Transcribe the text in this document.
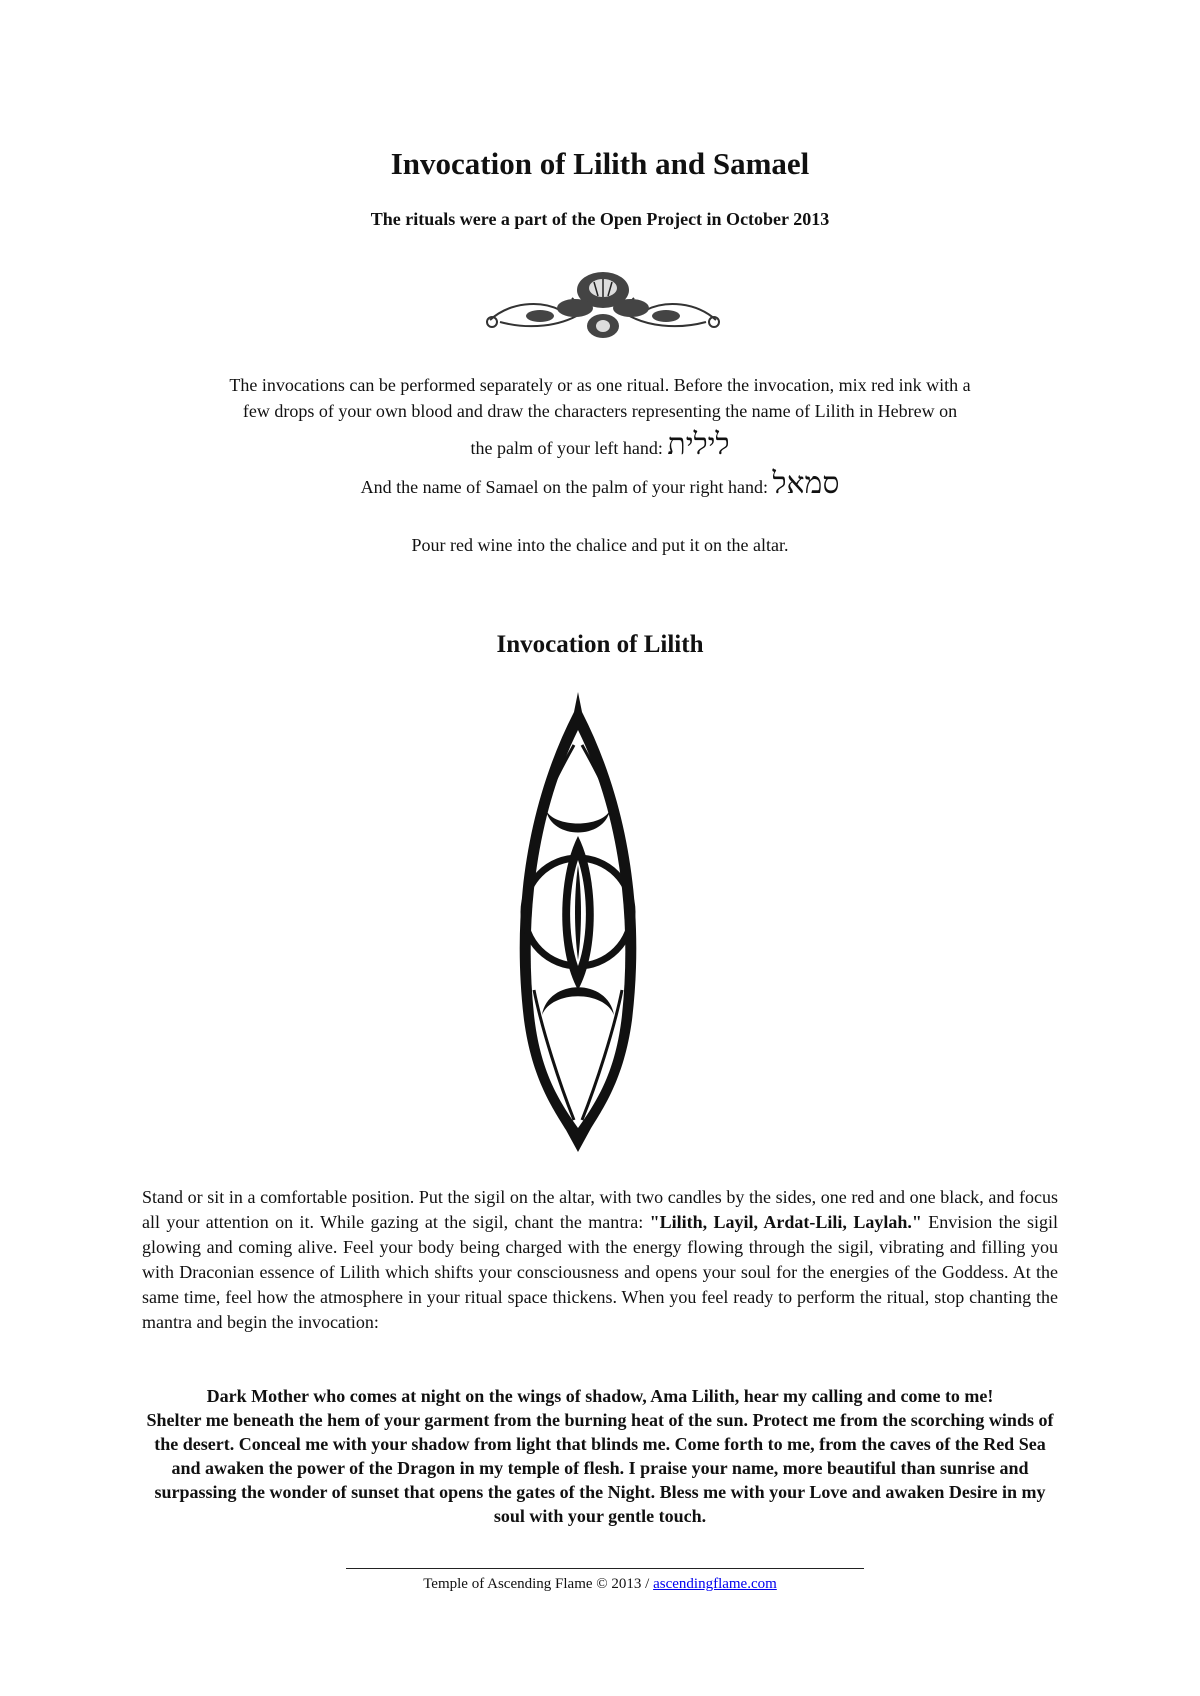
Invocation of Lilith and Samael
The rituals were a part of the Open Project in October 2013
The invocations can be performed separately or as one ritual. Before the invocation, mix red ink with a
few drops of your own blood and draw the characters representing the name of Lilith in Hebrew on
the palm of your left hand: לילית
And the name of Samael on the palm of your right hand: סמאל
Pour red wine into the chalice and put it on the altar.
Invocation of Lilith
Stand or sit in a comfortable position. Put the sigil on the altar, with two candles by the sides, one red and one black, and focus all your attention on it. While gazing at the sigil, chant the mantra: "Lilith, Layil, Ardat-Lili, Laylah." Envision the sigil glowing and coming alive. Feel your body being charged with the energy flowing through the sigil, vibrating and filling you with Draconian essence of Lilith which shifts your consciousness and opens your soul for the energies of the Goddess. At the same time, feel how the atmosphere in your ritual space thickens. When you feel ready to perform the ritual, stop chanting the mantra and begin the invocation:

Dark Mother who comes at night on the wings of shadow, Ama Lilith, hear my calling and come to me!

Shelter me beneath the hem of your garment from the burning heat of the sun. Protect me from the scorching winds of the desert. Conceal me with your shadow from light that blinds me. Come forth to me, from the caves of the Red Sea and awaken the power of the Dragon in my temple of flesh. I praise your name, more beautiful than sunrise and surpassing the wonder of sunset that opens the gates of the Night. Bless me with your Love and awaken Desire in my soul with your gentle touch.

Temple of Ascending Flame © 2013 / ascendingflame.com
